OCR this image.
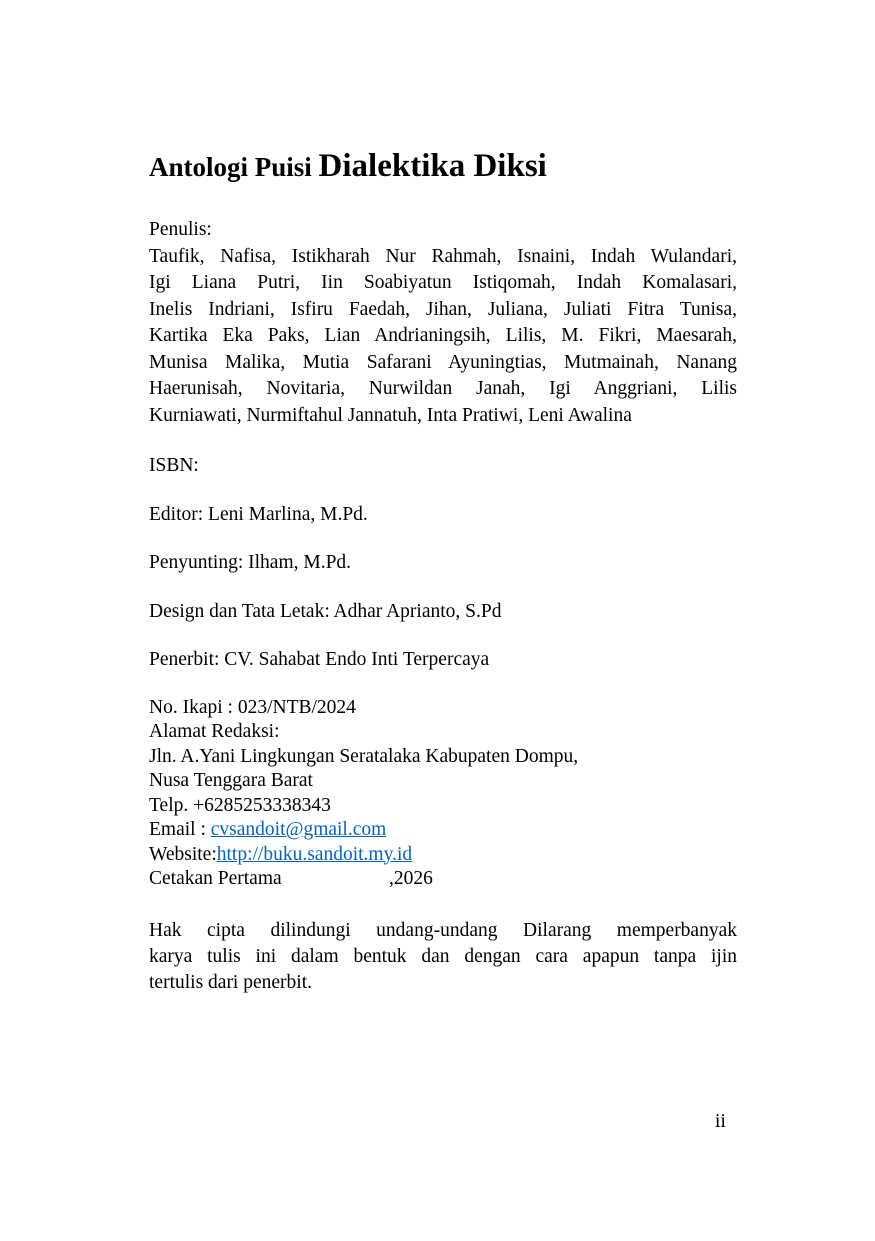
Antologi Puisi Dialektika Diksi
Penulis:
Taufik, Nafisa, Istikharah Nur Rahmah, Isnaini, Indah Wulandari,
Igi Liana Putri, Iin Soabiyatun Istiqomah, Indah Komalasari,
Inelis Indriani, Isfiru Faedah, Jihan, Juliana, Juliati Fitra Tunisa,
Kartika Eka Paks, Lian Andrianingsih, Lilis, M. Fikri, Maesarah,
Munisa Malika, Mutia Safarani Ayuningtias, Mutmainah, Nanang
Haerunisah, Novitaria, Nurwildan Janah, Igi Anggriani, Lilis
Kurniawati, Nurmiftahul Jannatuh, Inta Pratiwi, Leni Awalina
ISBN:
Editor: Leni Marlina, M.Pd.
Penyunting: Ilham, M.Pd.
Design dan Tata Letak: Adhar Aprianto, S.Pd
Penerbit: CV. Sahabat Endo Inti Terpercaya
No. Ikapi : 023/NTB/2024
Alamat Redaksi:
Jln. A.Yani Lingkungan Seratalaka Kabupaten Dompu,
Nusa Tenggara Barat
Telp. +6285253338343
Email : cvsandoit@gmail.com
Website:http://buku.sandoit.my.id
Cetakan Pertama	,2026
Hak cipta dilindungi undang-undang Dilarang memperbanyak
karya tulis ini dalam bentuk dan dengan cara apapun tanpa ijin
tertulis dari penerbit.
ii
